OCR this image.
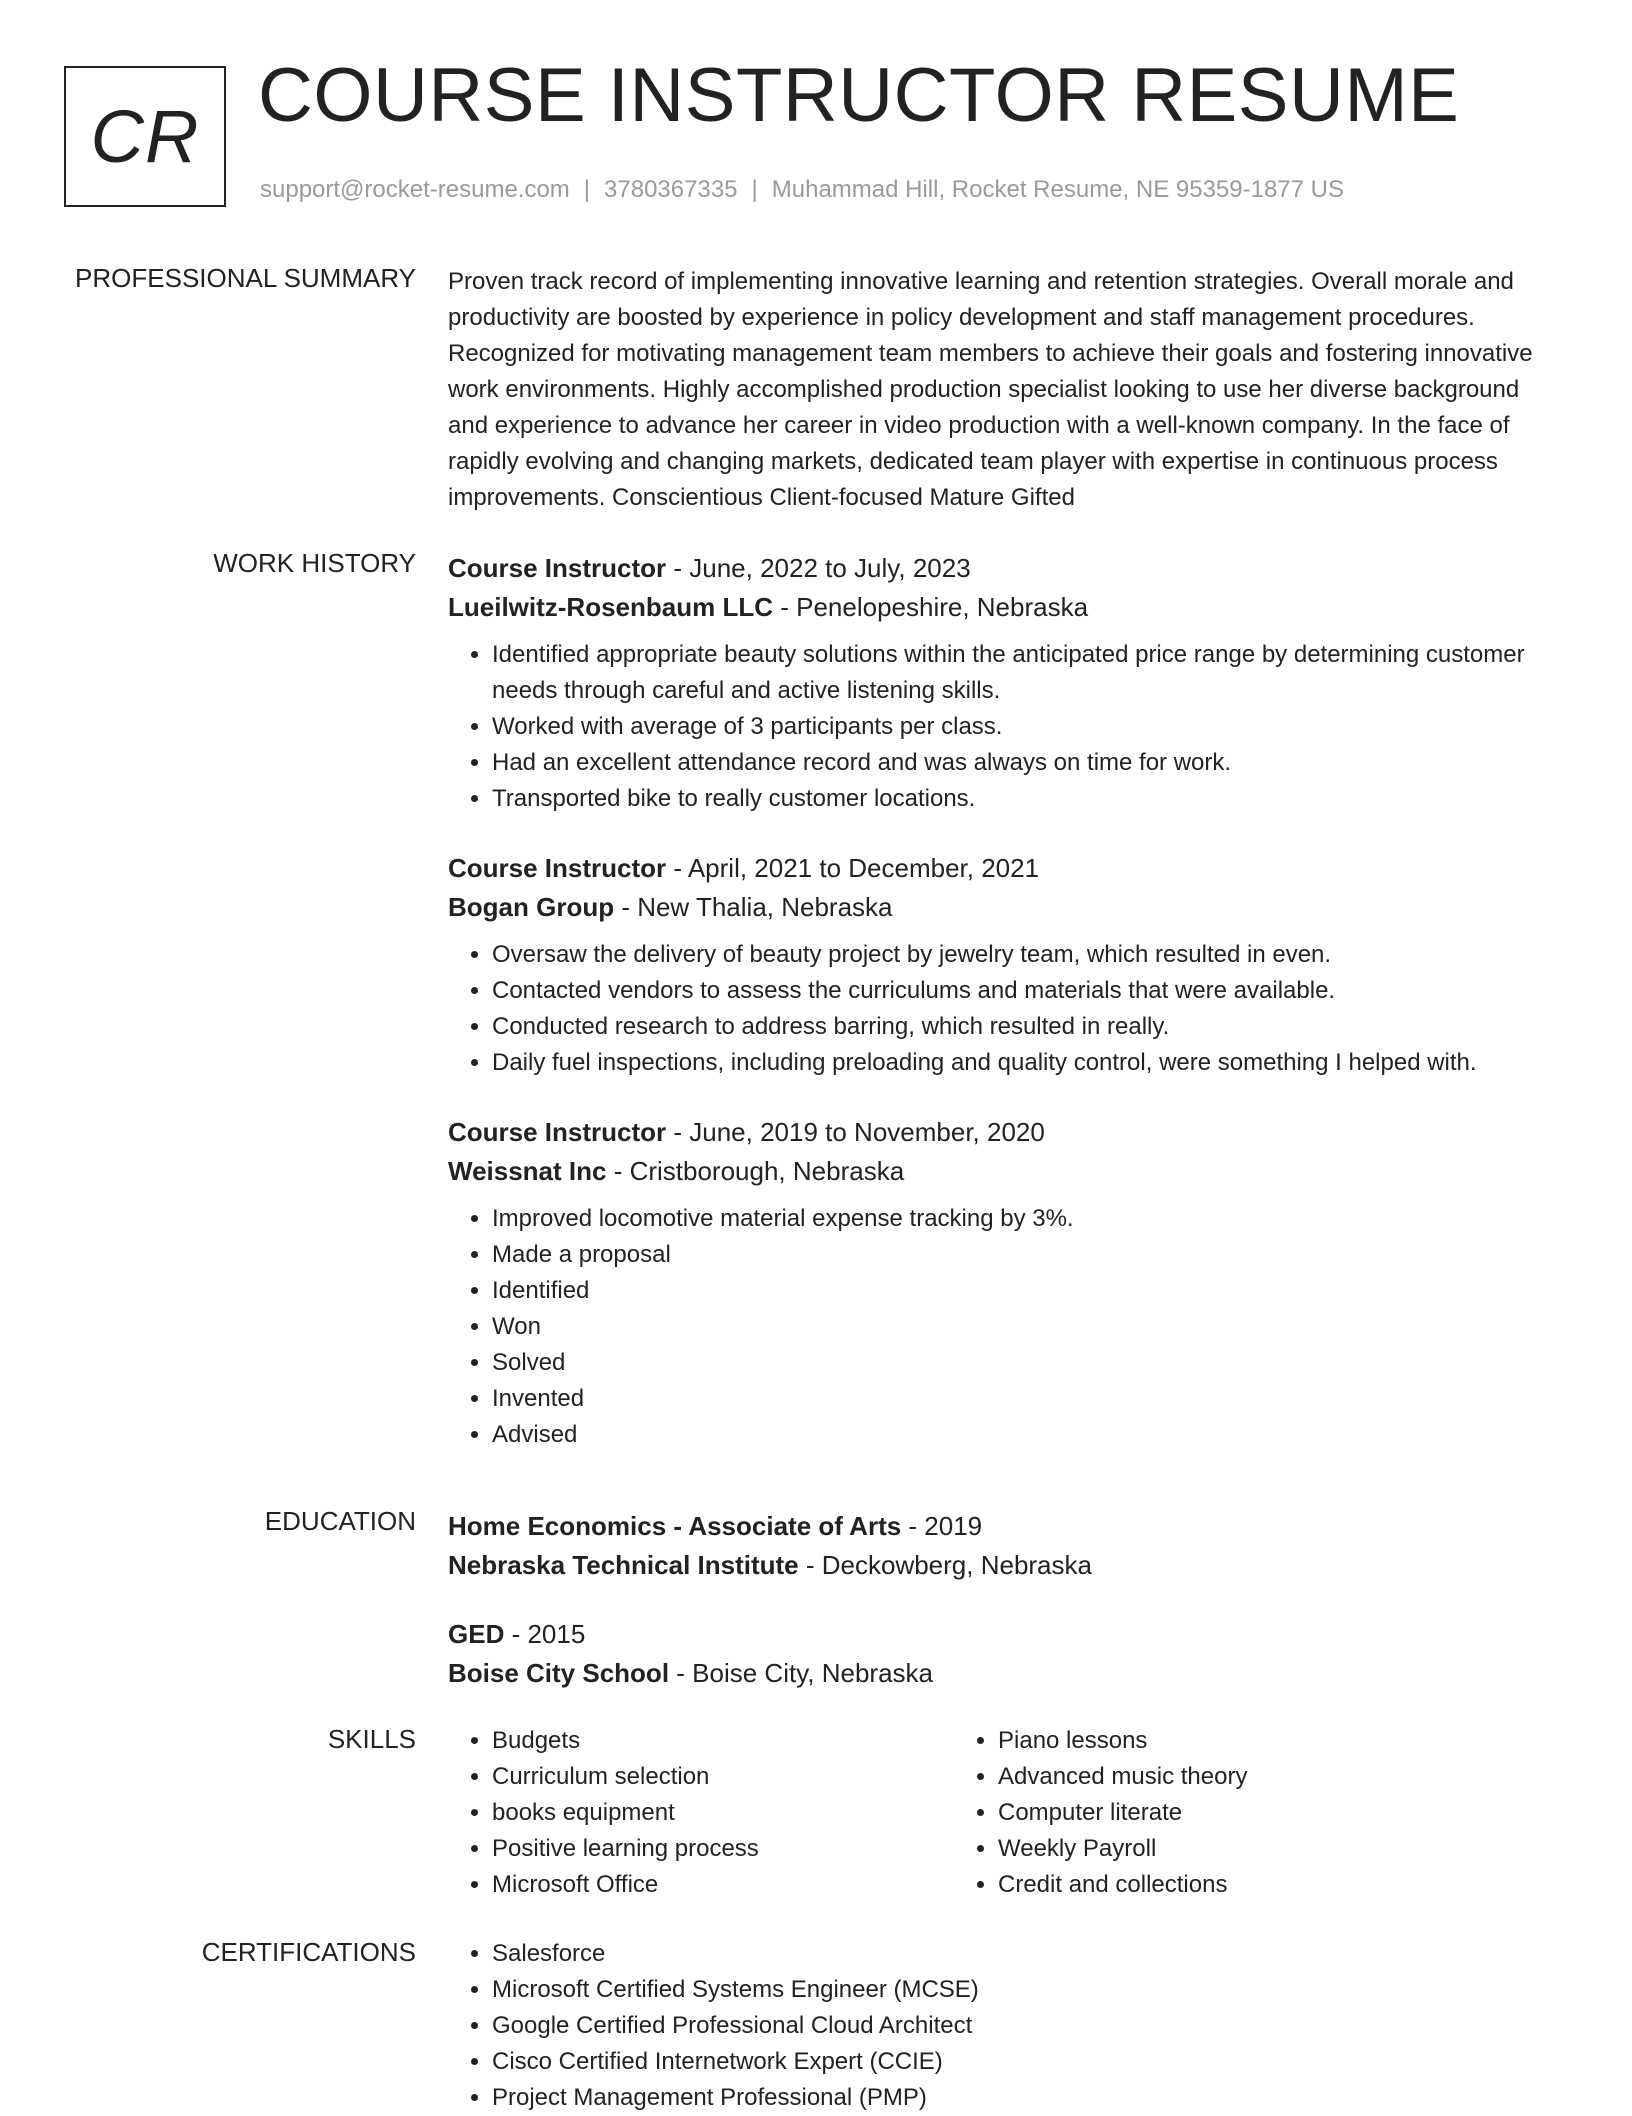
CR COURSE INSTRUCTOR RESUME
support@rocket-resume.com | 3780367335 | Muhammad Hill, Rocket Resume, NE 95359-1877 US
PROFESSIONAL SUMMARY Proven track record of implementing innovative learning and retention strategies. Overall morale and productivity are boosted by experience in policy development and staff management procedures. Recognized for motivating management team members to achieve their goals and fostering innovative work environments. Highly accomplished production specialist looking to use her diverse background and experience to advance her career in video production with a well-known company. In the face of rapidly evolving and changing markets, dedicated team player with expertise in continuous process improvements. Conscientious Client-focused Mature Gifted

WORK HISTORY Course Instructor - June, 2022 to July, 2023
Lueilwitz-Rosenbaum LLC - Penelopeshire, Nebraska
• Identified appropriate beauty solutions within the anticipated price range by determining customer needs through careful and active listening skills.
• Worked with average of 3 participants per class.
• Had an excellent attendance record and was always on time for work.
• Transported bike to really customer locations.
Course Instructor - April, 2021 to December, 2021
Bogan Group - New Thalia, Nebraska
• Oversaw the delivery of beauty project by jewelry team, which resulted in even.
• Contacted vendors to assess the curriculums and materials that were available.
• Conducted research to address barring, which resulted in really.
• Daily fuel inspections, including preloading and quality control, were something I helped with.
Course Instructor - June, 2019 to November, 2020
Weissnat Inc - Cristborough, Nebraska
• Improved locomotive material expense tracking by 3%.
• Made a proposal
• Identified
• Won
• Solved
• Invented
• Advised
EDUCATION Home Economics - Associate of Arts - 2019
Nebraska Technical Institute - Deckowberg, Nebraska
GED - 2015
Boise City School - Boise City, Nebraska
SKILLS	• Budgets
• Curriculum selection
• books equipment
• Positive learning process
• Microsoft Office
• Piano lessons
• Advanced music theory
• Computer literate
• Weekly Payroll
• Credit and collections
CERTIFICATIONS	• Salesforce
• Microsoft Certified Systems Engineer (MCSE)
• Google Certified Professional Cloud Architect
• Cisco Certified Internetwork Expert (CCIE)
• Project Management Professional (PMP)
